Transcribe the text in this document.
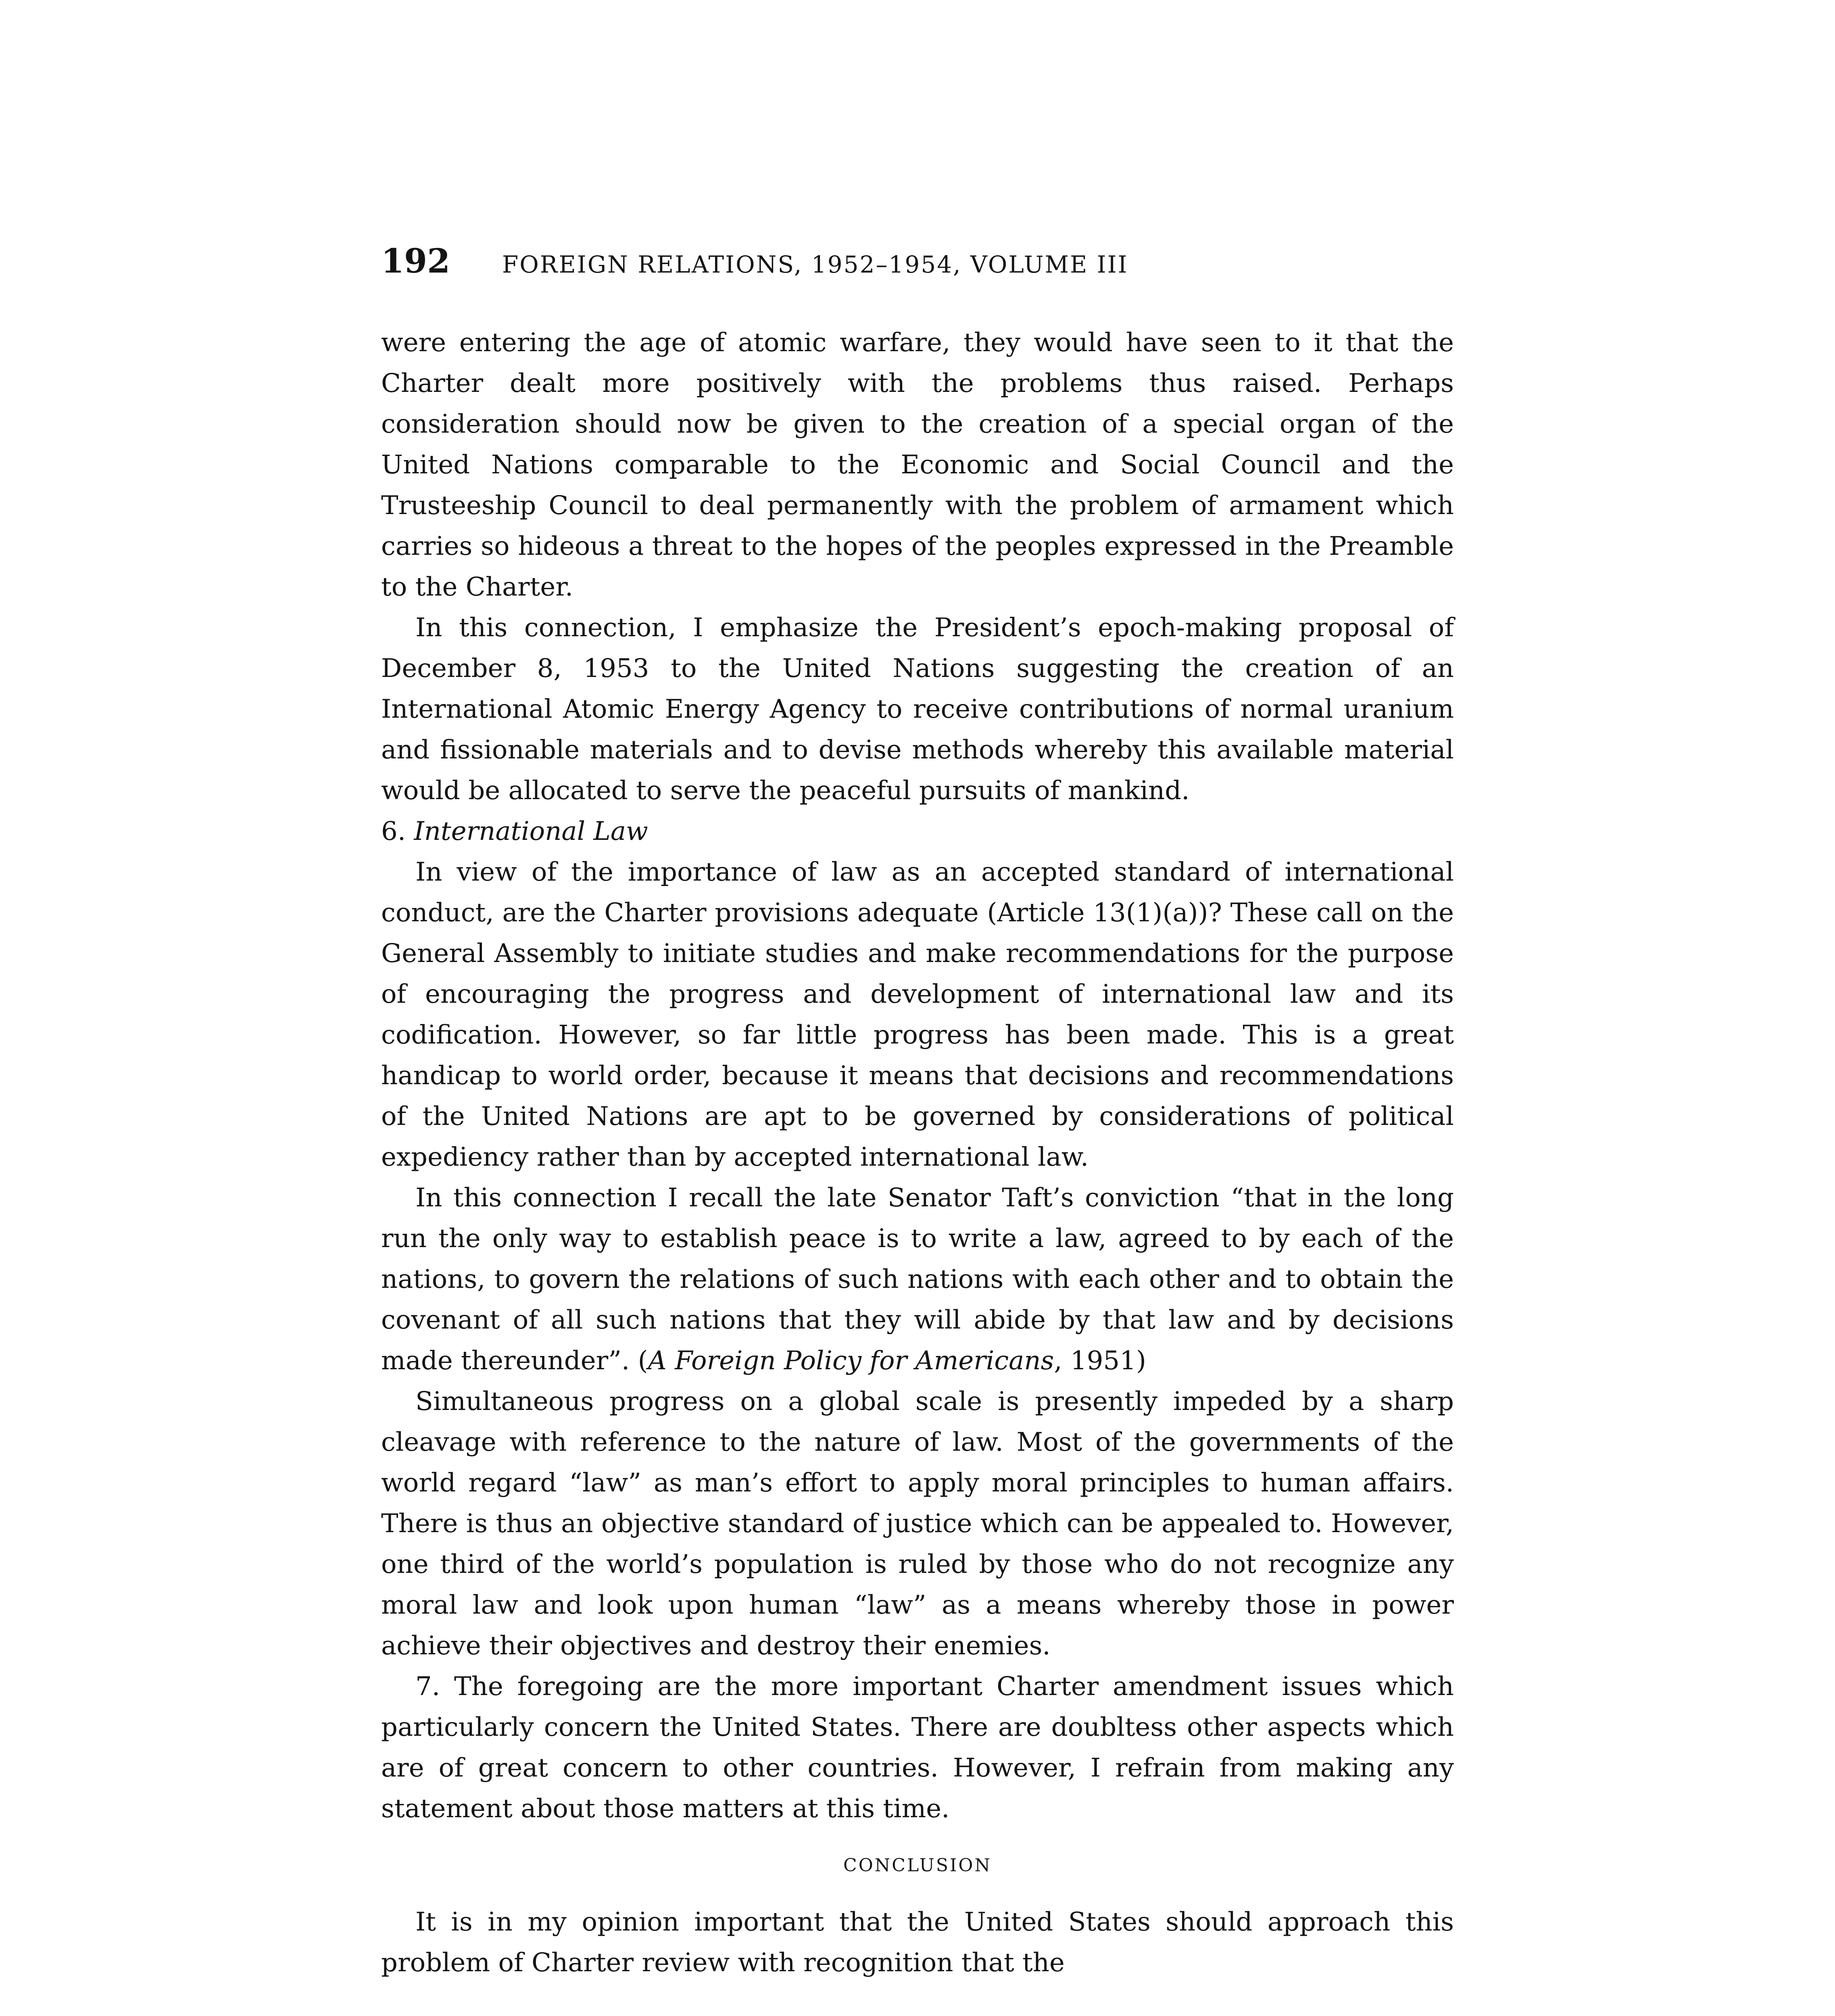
192	FOREIGN RELATIONS, 1952–1954, VOLUME III

were entering the age of atomic warfare, they would have seen to it that the Charter dealt more positively with the problems thus raised. Perhaps consideration should now be given to the creation of a special organ of the United Nations comparable to the Economic and Social Council and the Trusteeship Council to deal permanently with the problem of armament which carries so hideous a threat to the hopes of the peoples expressed in the Preamble to the Charter.

In this connection, I emphasize the President’s epoch-making proposal of December 8, 1953 to the United Nations suggesting the creation of an International Atomic Energy Agency to receive contributions of normal uranium and fissionable materials and to devise methods whereby this available material would be allocated to serve the peaceful pursuits of mankind.

6. International Law

In view of the importance of law as an accepted standard of international conduct, are the Charter provisions adequate (Article 13(1)(a))? These call on the General Assembly to initiate studies and make recommendations for the purpose of encouraging the progress and development of international law and its codification. However, so far little progress has been made. This is a great handicap to world order, because it means that decisions and recommendations of the United Nations are apt to be governed by considerations of political expediency rather than by accepted international law.

In this connection I recall the late Senator Taft’s conviction “that in the long run the only way to establish peace is to write a law, agreed to by each of the nations, to govern the relations of such nations with each other and to obtain the covenant of all such nations that they will abide by that law and by decisions made thereunder”. (A Foreign Policy for Americans, 1951)

Simultaneous progress on a global scale is presently impeded by a sharp cleavage with reference to the nature of law. Most of the governments of the world regard “law” as man’s effort to apply moral principles to human affairs. There is thus an objective standard of justice which can be appealed to. However, one third of the world’s population is ruled by those who do not recognize any moral law and look upon human “law” as a means whereby those in power achieve their objectives and destroy their enemies.

7. The foregoing are the more important Charter amendment issues which particularly concern the United States. There are doubltess other aspects which are of great concern to other countries. However, I refrain from making any statement about those matters at this time.

CONCLUSION

It is in my opinion important that the United States should approach this problem of Charter review with recognition that the
